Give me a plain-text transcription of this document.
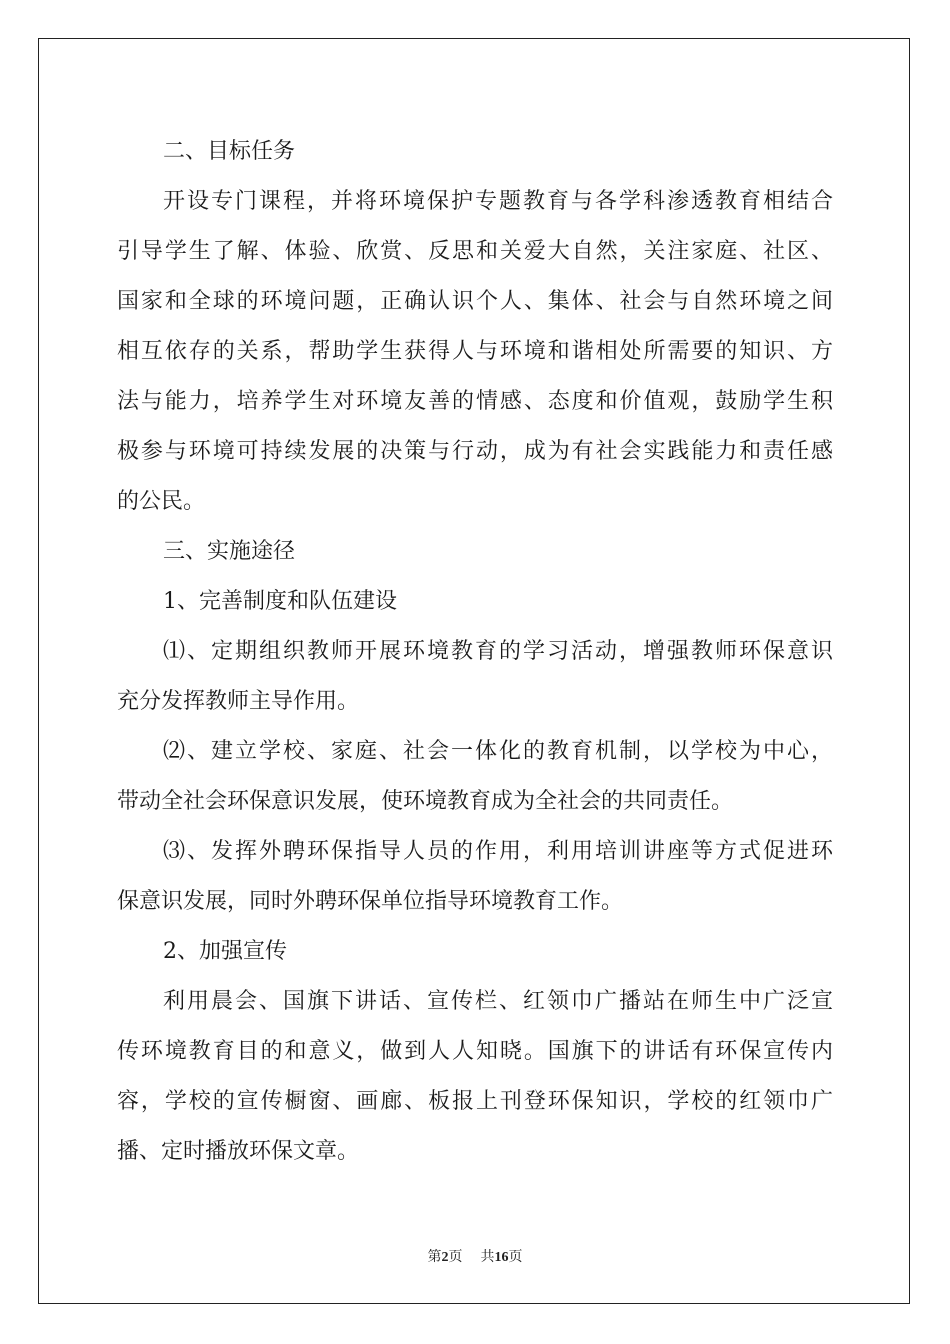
二、目标任务
开设专门课程，并将环境保护专题教育与各学科渗透教育相结合
引导学生了解、体验、欣赏、反思和关爱大自然，关注家庭、社区、
国家和全球的环境问题，正确认识个人、集体、社会与自然环境之间
相互依存的关系，帮助学生获得人与环境和谐相处所需要的知识、方
法与能力，培养学生对环境友善的情感、态度和价值观，鼓励学生积
极参与环境可持续发展的决策与行动，成为有社会实践能力和责任感
的公民。
三、实施途径
1、完善制度和队伍建设
⑴、定期组织教师开展环境教育的学习活动，增强教师环保意识
充分发挥教师主导作用。
⑵、建立学校、家庭、社会一体化的教育机制，以学校为中心，
带动全社会环保意识发展，使环境教育成为全社会的共同责任。
⑶、发挥外聘环保指导人员的作用，利用培训讲座等方式促进环
保意识发展，同时外聘环保单位指导环境教育工作。
2、加强宣传
利用晨会、国旗下讲话、宣传栏、红领巾广播站在师生中广泛宣
传环境教育目的和意义，做到人人知晓。国旗下的讲话有环保宣传内
容，学校的宣传橱窗、画廊、板报上刊登环保知识，学校的红领巾广
播、定时播放环保文章。
第2页 共16页
